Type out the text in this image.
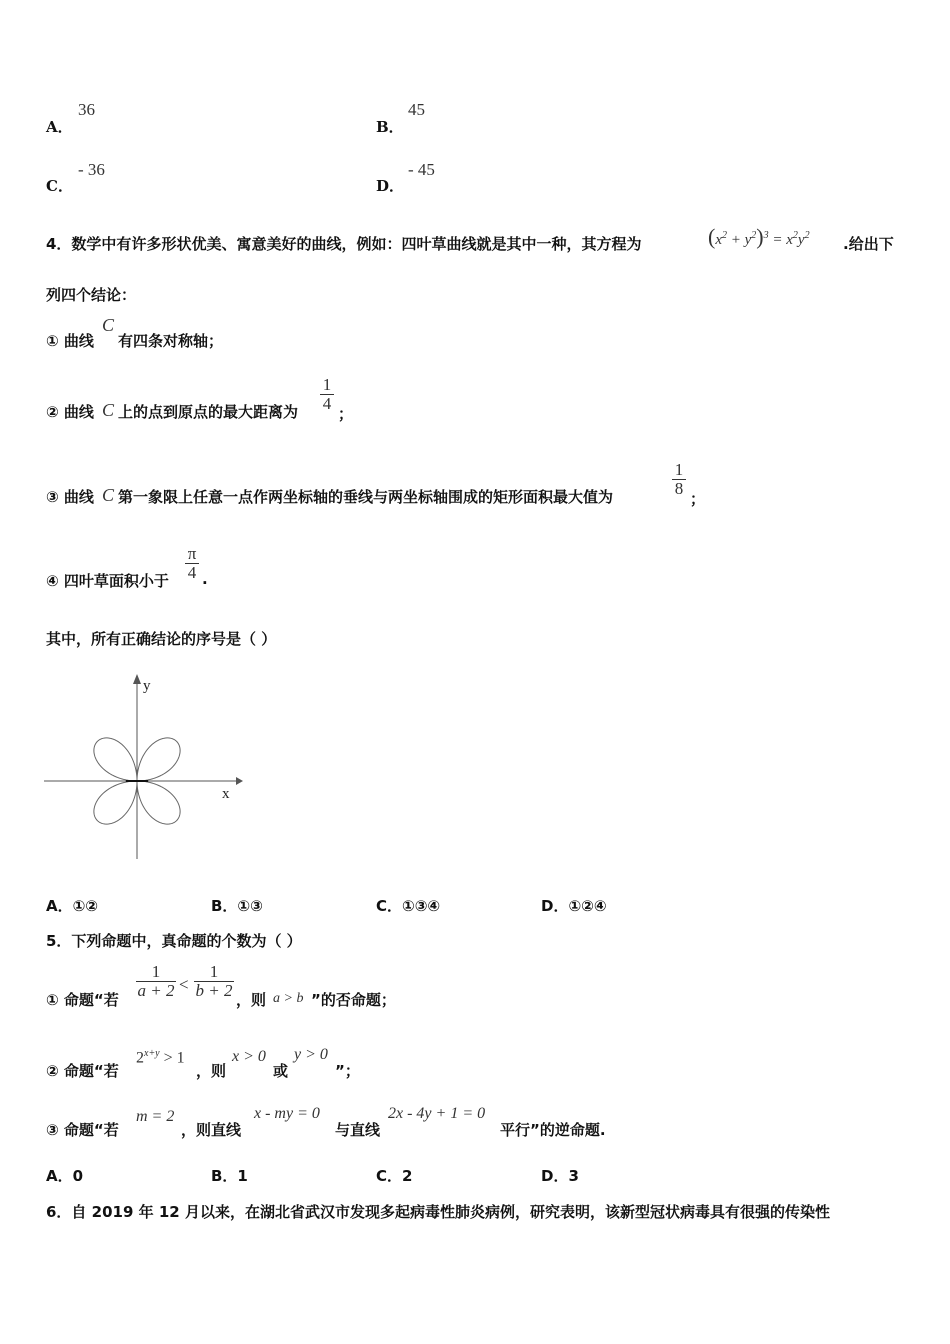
A．
36
B．
45
C．
- 36
D．
- 45
4．数学中有许多形状优美、寓意美好的曲线，例如：四叶草曲线就是其中一种，其方程为	$(x^2 + y^2)^3 = x^2y^2$ .给出下
列四个结论：
① 曲线
C
有四条对称轴；
② 曲线 C 上的点到原点的最大距离为
1
4
；
③ 曲线 C 第一象限上任意一点作两坐标轴的垂线与两坐标轴围成的矩形面积最大值为
1
8
；
④ 四叶草面积小于
π
4 .
其中，所有正确结论的序号是（ ）
y
x
A．①②	B．①③	C．①③④	D．①②④
5．下列命题中，真命题的个数为（ ）
① 命题“若
1
a + 2 <
1
b + 2 ，则 a > b ”的否命题；
② 命题“若
$2^{x+y} > 1$
，则
x > 0
或
y > 0
”；
③ 命题“若
m = 2
，则直线
x - my = 0
与直线
2x - 4y + 1 = 0
平行”的逆命题.
A．0	B．1	C．2	D．3
6．自 2019 年 12 月以来，在湖北省武汉市发现多起病毒性肺炎病例，研究表明，该新型冠状病毒具有很强的传染性
